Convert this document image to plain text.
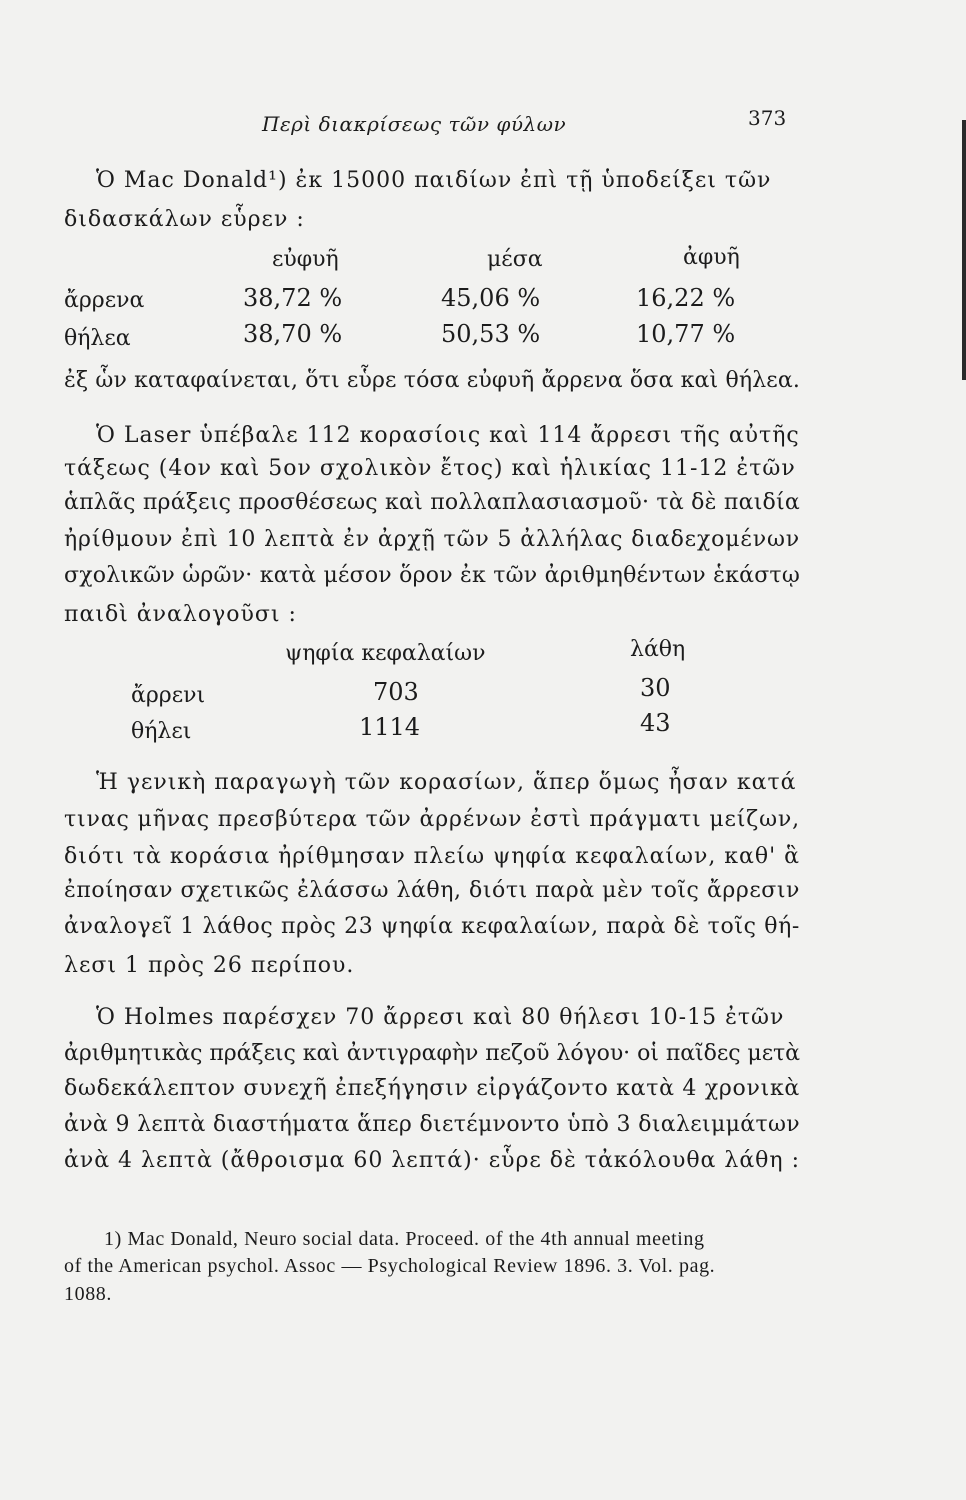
Περὶ διακρίσεως τῶν φύλων	373

Ὁ Mac Donald¹) ἐκ 15000 παιδίων ἐπὶ τῇ ὑποδείξει τῶν

διδασκάλων εὗρεν :

εὐφυῆ	μέσα	ἀφυῆ
ἄρρενα	38,72 %	45,06 %	16,22 %
θήλεα	38,70 %	50,53 %	10,77 %

ἐξ ὧν καταφαίνεται, ὅτι εὗρε τόσα εὐφυῆ ἄρρενα ὅσα καὶ θήλεα.

Ὁ Laser ὑπέβαλε 112 κορασίοις καὶ 114 ἄρρεσι τῆς αὐτῆς

τάξεως (4ον καὶ 5ον σχολικὸν ἔτος) καὶ ἡλικίας 11-12 ἐτῶν

ἁπλᾶς πράξεις προσθέσεως καὶ πολλαπλασιασμοῦ· τὰ δὲ παιδία

ἠρίθμουν ἐπὶ 10 λεπτὰ ἐν ἀρχῇ τῶν 5 ἀλλήλας διαδεχομένων

σχολικῶν ὡρῶν· κατὰ μέσον ὅρον ἐκ τῶν ἀριθμηθέντων ἑκάστῳ

παιδὶ ἀναλογοῦσι :

ψηφία κεφαλαίων	λάθη
ἄρρενι	703	30
θήλει	1114	43

Ἡ γενικὴ παραγωγὴ τῶν κορασίων, ἅπερ ὅμως ἦσαν κατά

τινας μῆνας πρεσβύτερα τῶν ἀρρένων ἐστὶ πράγματι μείζων,

διότι τὰ κοράσια ἠρίθμησαν πλείω ψηφία κεφαλαίων, καθ' ἃ

ἐποίησαν σχετικῶς ἐλάσσω λάθη, διότι παρὰ μὲν τοῖς ἄρρεσιν

ἀναλογεῖ 1 λάθος πρὸς 23 ψηφία κεφαλαίων, παρὰ δὲ τοῖς θή-

λεσι 1 πρὸς 26 περίπου.

Ὁ Holmes παρέσχεν 70 ἄρρεσι καὶ 80 θήλεσι 10-15 ἐτῶν

ἀριθμητικὰς πράξεις καὶ ἀντιγραφὴν πεζοῦ λόγου· οἱ παῖδες μετὰ

δωδεκάλεπτον συνεχῆ ἐπεξήγησιν εἰργάζοντο κατὰ 4 χρονικὰ

ἀνὰ 9 λεπτὰ διαστήματα ἅπερ διετέμνοντο ὑπὸ 3 διαλειμμάτων

ἀνὰ 4 λεπτὰ (ἄθροισμα 60 λεπτά)· εὗρε δὲ τἀκόλουθα λάθη :

1) Mac Donald, Neuro social data. Proceed. of the 4th annual meeting

of the American psychol. Assoc — Psychological Review 1896. 3. Vol. pag.

1088.
